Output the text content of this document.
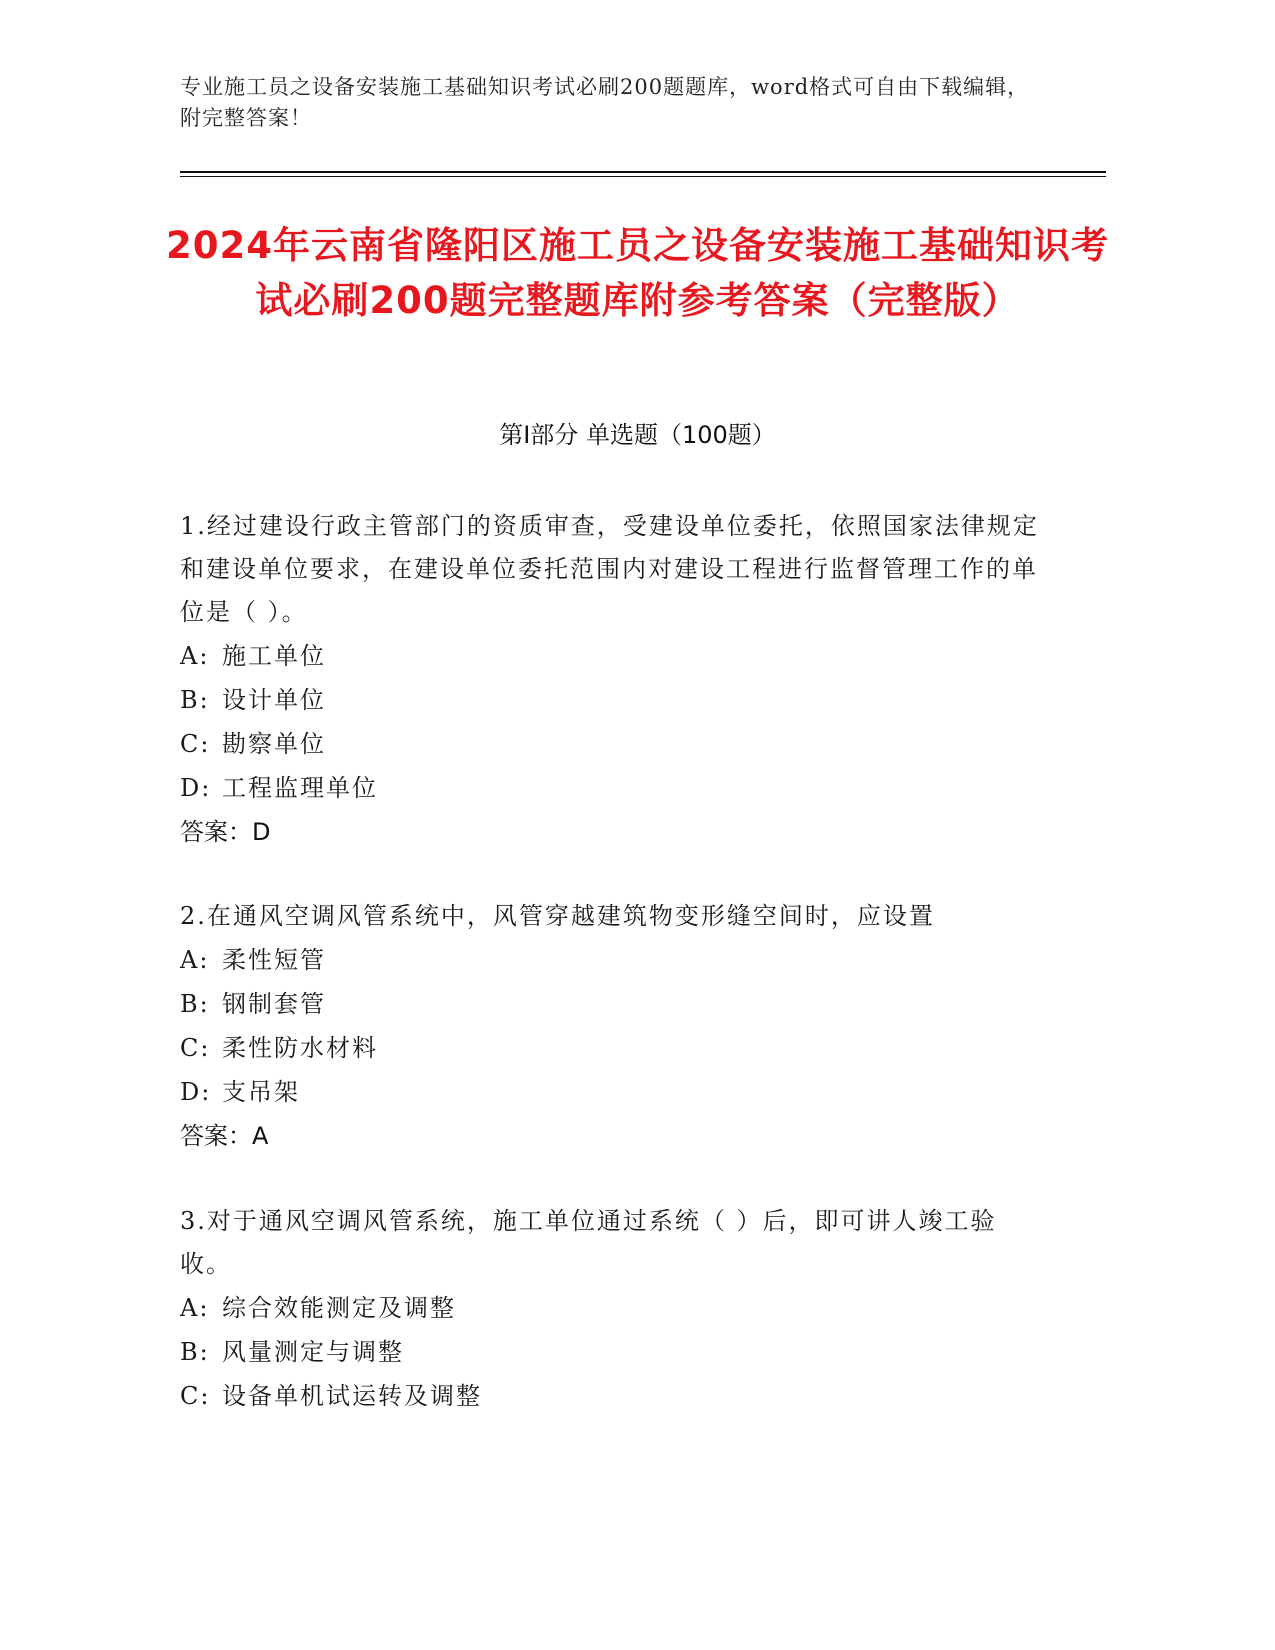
专业施工员之设备安装施工基础知识考试必刷200题题库，word格式可自由下载编辑，附完整答案！
2024年云南省隆阳区施工员之设备安装施工基础知识考试必刷200题完整题库附参考答案（完整版）
第I部分 单选题（100题）
1.经过建设行政主管部门的资质审查，受建设单位委托，依照国家法律规定和建设单位要求，在建设单位委托范围内对建设工程进行监督管理工作的单位是（ ）。
A: 施工单位
B: 设计单位
C: 勘察单位
D: 工程监理单位
答案：D
2.在通风空调风管系统中，风管穿越建筑物变形缝空间时，应设置
A: 柔性短管
B: 钢制套管
C: 柔性防水材料
D: 支吊架
答案：A
3.对于通风空调风管系统，施工单位通过系统（ ）后，即可讲人竣工验收。
A: 综合效能测定及调整
B: 风量测定与调整
C: 设备单机试运转及调整
